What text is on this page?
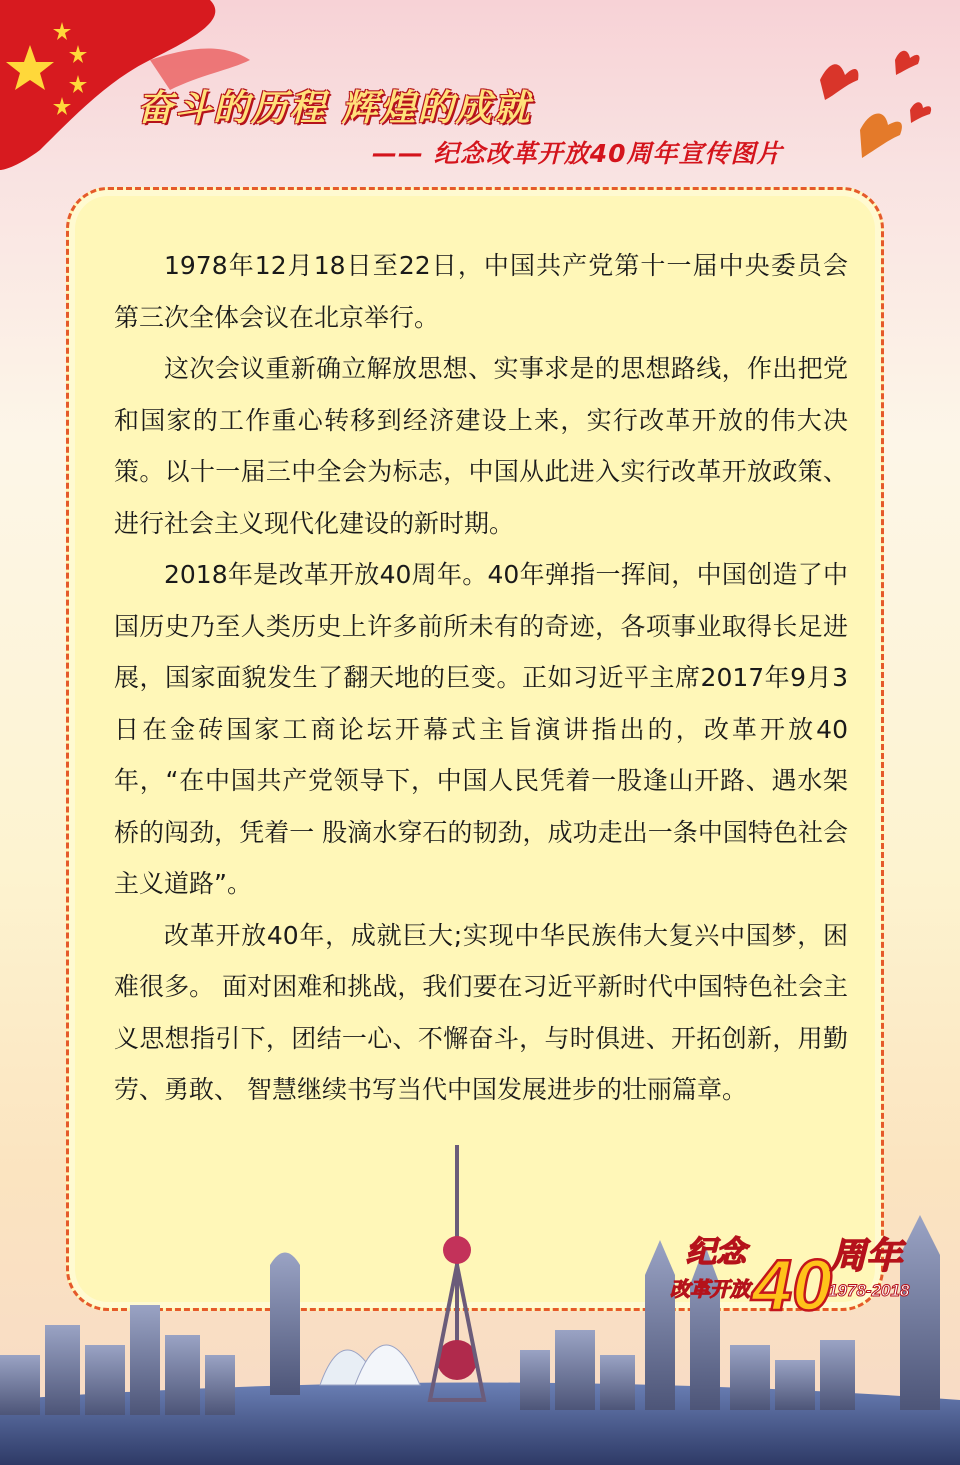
奋斗的历程 辉煌的成就
—— 纪念改革开放40周年宣传图片

1978年12月18日至22日，中国共产党第十一届中央委员会第三次全体会议在北京举行。

这次会议重新确立解放思想、实事求是的思想路线，作出把党和国家的工作重心转移到经济建设上来，实行改革开放的伟大决策。以十一届三中全会为标志，中国从此进入实行改革开放政策、进行社会主义现代化建设的新时期。

2018年是改革开放40周年。40年弹指一挥间，中国创造了中国历史乃至人类历史上许多前所未有的奇迹，各项事业取得长足进展，国家面貌发生了翻天地的巨变。正如习近平主席2017年9月3日在金砖国家工商论坛开幕式主旨演讲指出的，改革开放40年，“在中国共产党领导下，中国人民凭着一股逢山开路、遇水架桥的闯劲，凭着一 股滴水穿石的韧劲，成功走出一条中国特色社会主义道路”。

改革开放40年，成就巨大;实现中华民族伟大复兴中国梦，困难很多。 面对困难和挑战，我们要在习近平新时代中国特色社会主义思想指引下，团结一心、不懈奋斗，与时俱进、开拓创新，用勤劳、勇敢、 智慧继续书写当代中国发展进步的壮丽篇章。

纪念
改革开放 40
周年
1978-2018
